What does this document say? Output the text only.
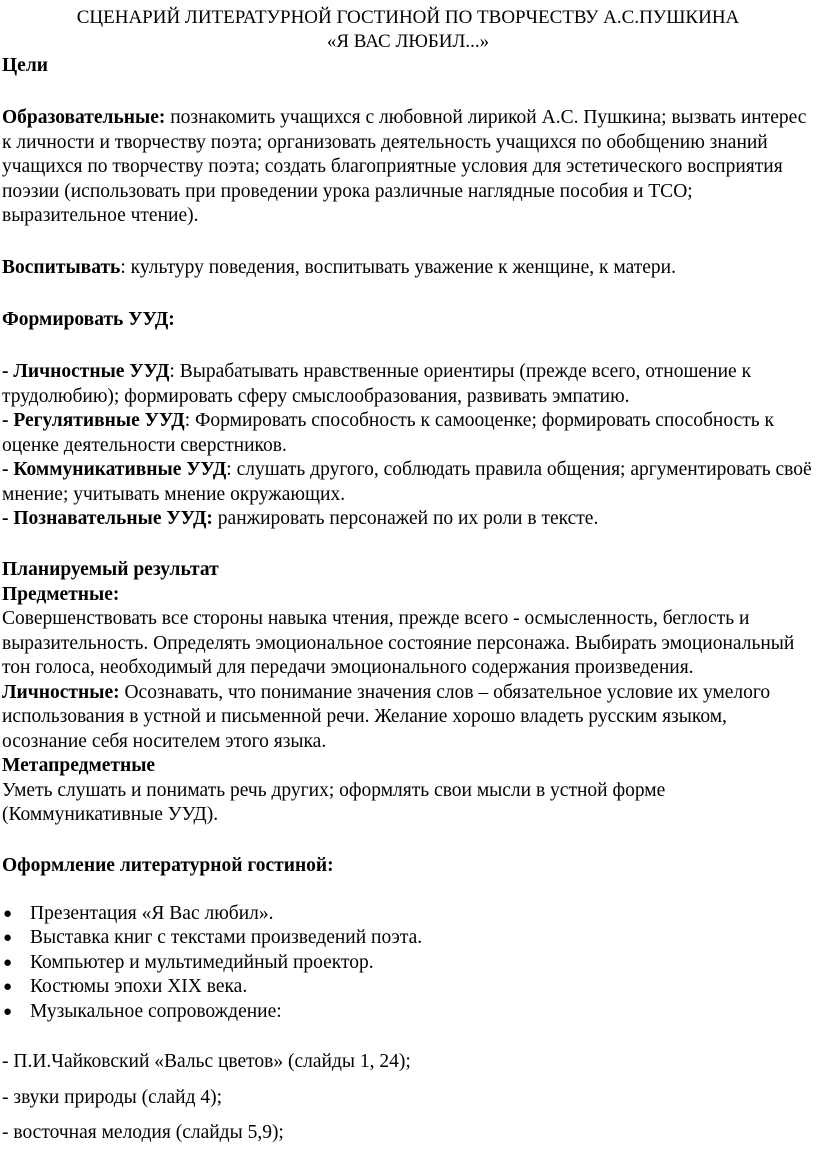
СЦЕНАРИЙ ЛИТЕРАТУРНОЙ ГОСТИНОЙ ПО ТВОРЧЕСТВУ А.С.ПУШКИНА

«Я ВАС ЛЮБИЛ...»

Цели

Образовательные: познакомить учащихся с любовной лирикой А.С. Пушкина; вызвать интерес к личности и творчеству поэта; организовать деятельность учащихся по обобщению знаний учащихся по творчеству поэта; создать благоприятные условия для эстетического восприятия поэзии (использовать при проведении урока различные наглядные пособия и ТСО; выразительное чтение).

Воспитывать: культуру поведения, воспитывать уважение к женщине, к матери.

Формировать УУД:

- Личностные УУД: Вырабатывать нравственные ориентиры (прежде всего, отношение к трудолюбию); формировать сферу смыслообразования, развивать эмпатию.

- Регулятивные УУД: Формировать способность к самооценке; формировать способность к оценке деятельности сверстников.

- Коммуникативные УУД: слушать другого, соблюдать правила общения; аргументировать своё мнение; учитывать мнение окружающих.

- Познавательные УУД: ранжировать персонажей по их роли в тексте.

Планируемый результат

Предметные:

Совершенствовать все стороны навыка чтения, прежде всего - осмысленность, беглость и выразительность. Определять эмоциональное состояние персонажа. Выбирать эмоциональный тон голоса, необходимый для передачи эмоционального содержания произведения.

Личностные: Осознавать, что понимание значения слов – обязательное условие их умелого использования в устной и письменной речи. Желание хорошо владеть русским языком, осознание себя носителем этого языка.

Метапредметные

Уметь слушать и понимать речь других; оформлять свои мысли в устной форме (Коммуникативные УУД).

Оформление литературной гостиной:

● Презентация «Я Вас любил».
● Выставка книг с текстами произведений поэта.
● Компьютер и мультимедийный проектор.
● Костюмы эпохи XIX века.
● Музыкальное сопровождение:

- П.И.Чайковский «Вальс цветов» (слайды 1, 24);

- звуки природы (слайд 4);

- восточная мелодия (слайды 5,9);
